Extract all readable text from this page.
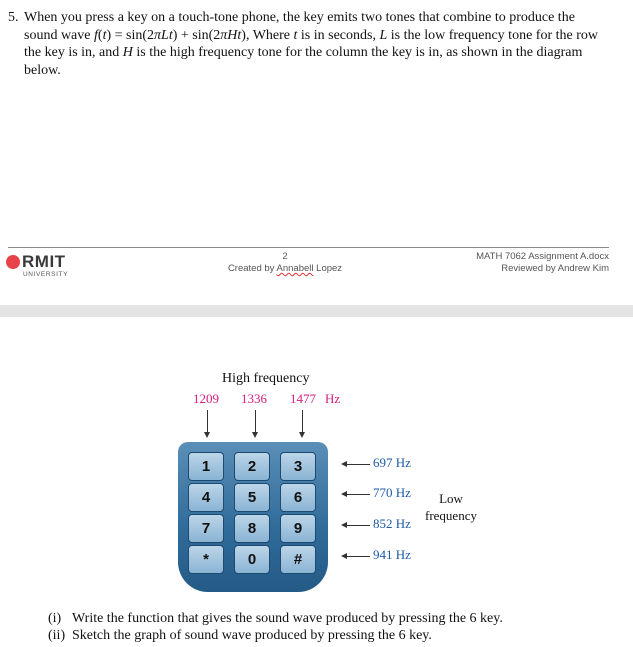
5. When you press a key on a touch-tone phone, the key emits two tones that combine to produce the sound wave f(t) = sin(2πLt) + sin(2πHt), Where t is in seconds, L is the low frequency tone for the row the key is in, and H is the high frequency tone for the column the key is in, as shown in the diagram below.
RMIT
UNIVERSITY
2
Created by Annabell Lopez
MATH 7062 Assignment A.docx
Reviewed by Andrew Kim
High frequency
1209 1336 1477 Hz
1	2	3
4	5	6
7	8	9
*	0	#
697 Hz
770 Hz
852 Hz
941 Hz
Low
frequency
(i) Write the function that gives the sound wave produced by pressing the 6 key.
(ii) Sketch the graph of sound wave produced by pressing the 6 key.
